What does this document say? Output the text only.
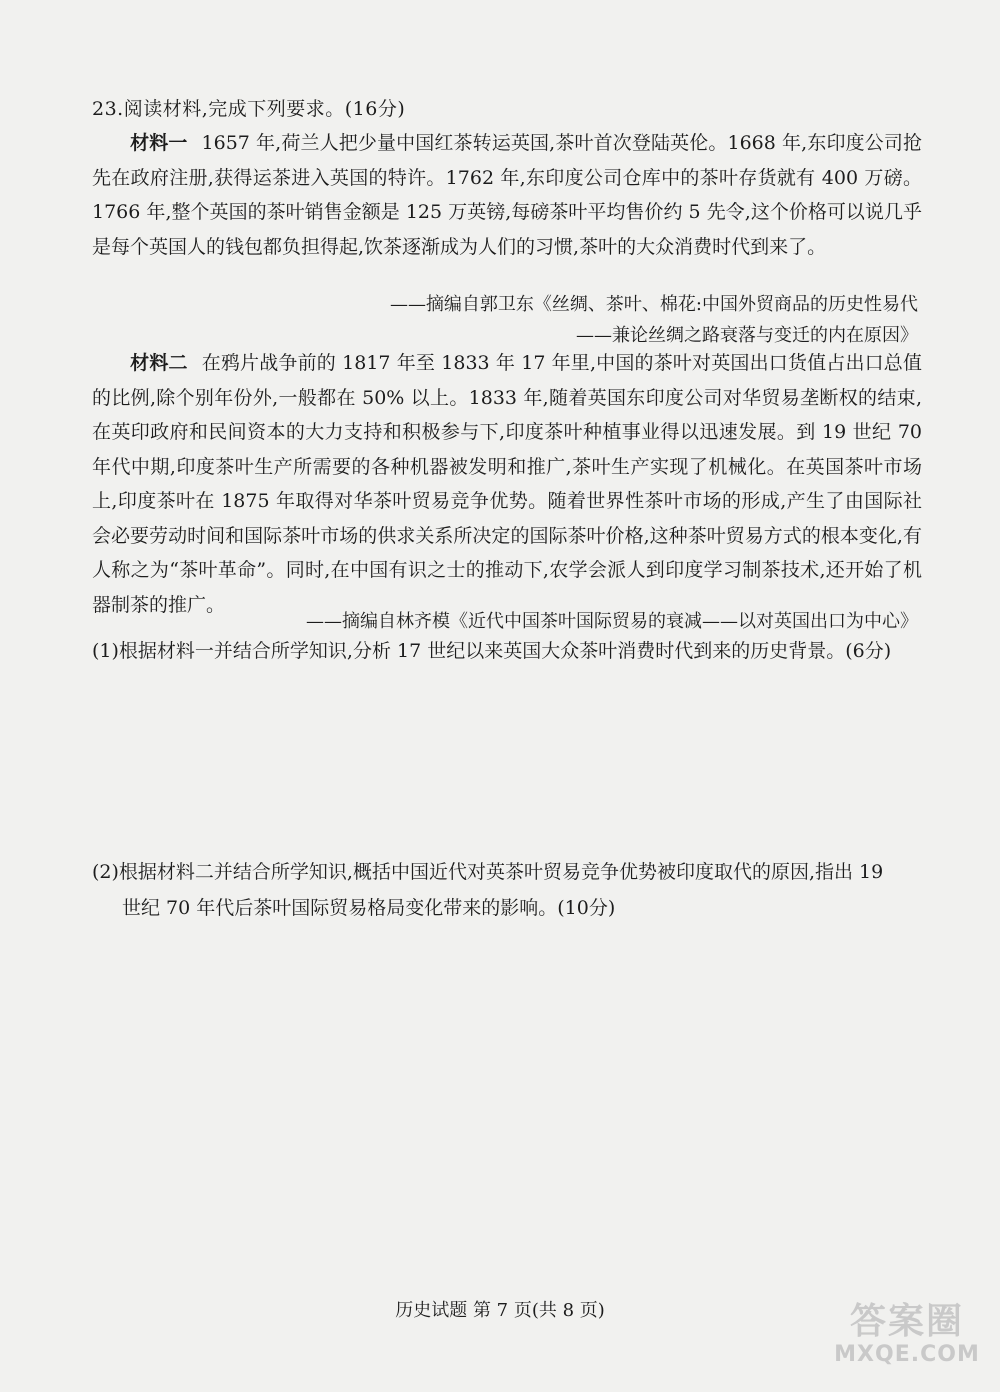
23.阅读材料,完成下列要求。(16分)
材料一 1657 年,荷兰人把少量中国红茶转运英国,茶叶首次登陆英伦。1668 年,东印度公司抢先在政府注册,获得运茶进入英国的特许。1762 年,东印度公司仓库中的茶叶存货就有 400 万磅。1766 年,整个英国的茶叶销售金额是 125 万英镑,每磅茶叶平均售价约 5 先令,这个价格可以说几乎是每个英国人的钱包都负担得起,饮茶逐渐成为人们的习惯,茶叶的大众消费时代到来了。
——摘编自郭卫东《丝绸、茶叶、棉花:中国外贸商品的历史性易代
——兼论丝绸之路衰落与变迁的内在原因》
材料二 在鸦片战争前的 1817 年至 1833 年 17 年里,中国的茶叶对英国出口货值占出口总值的比例,除个别年份外,一般都在 50% 以上。1833 年,随着英国东印度公司对华贸易垄断权的结束,在英印政府和民间资本的大力支持和积极参与下,印度茶叶种植事业得以迅速发展。到 19 世纪 70 年代中期,印度茶叶生产所需要的各种机器被发明和推广,茶叶生产实现了机械化。在英国茶叶市场上,印度茶叶在 1875 年取得对华茶叶贸易竞争优势。随着世界性茶叶市场的形成,产生了由国际社会必要劳动时间和国际茶叶市场的供求关系所决定的国际茶叶价格,这种茶叶贸易方式的根本变化,有人称之为“茶叶革命”。同时,在中国有识之士的推动下,农学会派人到印度学习制茶技术,还开始了机器制茶的推广。
——摘编自林齐模《近代中国茶叶国际贸易的衰减——以对英国出口为中心》
(1)根据材料一并结合所学知识,分析 17 世纪以来英国大众茶叶消费时代到来的历史背景。(6分)
(2)根据材料二并结合所学知识,概括中国近代对英茶叶贸易竞争优势被印度取代的原因,指出 19
世纪 70 年代后茶叶国际贸易格局变化带来的影响。(10分)
历史试题 第 7 页(共 8 页)	答案圈
MXQE.COM
